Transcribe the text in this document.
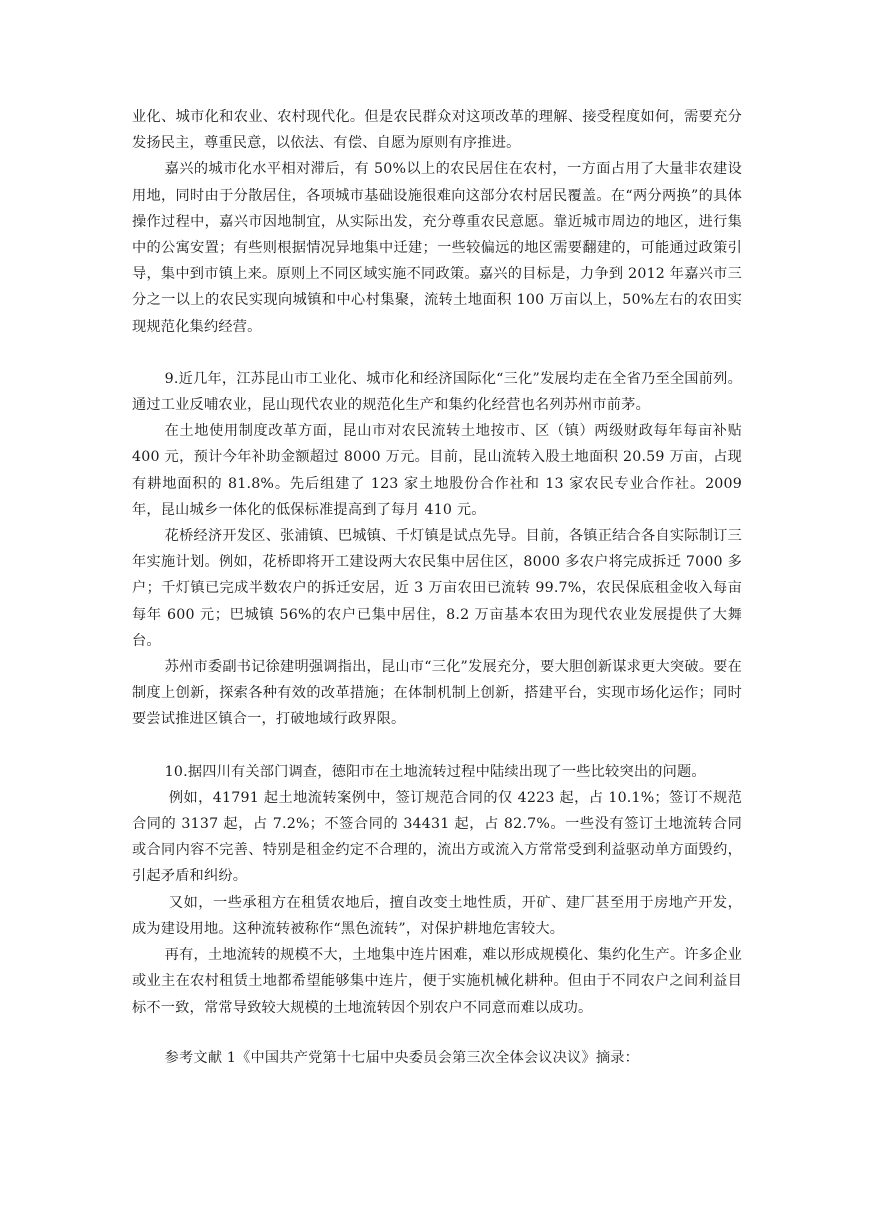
业化、城市化和农业、农村现代化。但是农民群众对这项改革的理解、接受程度如何，需要充分发扬民主，尊重民意，以依法、有偿、自愿为原则有序推进。

嘉兴的城市化水平相对滞后，有 50%以上的农民居住在农村，一方面占用了大量非农建设用地，同时由于分散居住，各项城市基础设施很难向这部分农村居民覆盖。在“两分两换”的具体操作过程中，嘉兴市因地制宜，从实际出发，充分尊重农民意愿。靠近城市周边的地区，进行集中的公寓安置；有些则根据情况异地集中迁建；一些较偏远的地区需要翻建的，可能通过政策引导，集中到市镇上来。原则上不同区域实施不同政策。嘉兴的目标是，力争到 2012 年嘉兴市三分之一以上的农民实现向城镇和中心村集聚，流转土地面积 100 万亩以上，50%左右的农田实现规范化集约经营。

9.近几年，江苏昆山市工业化、城市化和经济国际化“三化”发展均走在全省乃至全国前列。通过工业反哺农业，昆山现代农业的规范化生产和集约化经营也名列苏州市前茅。

在土地使用制度改革方面，昆山市对农民流转土地按市、区（镇）两级财政每年每亩补贴 400 元，预计今年补助金额超过 8000 万元。目前，昆山流转入股土地面积 20.59 万亩，占现有耕地面积的 81.8%。先后组建了 123 家土地股份合作社和 13 家农民专业合作社。2009 年，昆山城乡一体化的低保标准提高到了每月 410 元。

花桥经济开发区、张浦镇、巴城镇、千灯镇是试点先导。目前，各镇正结合各自实际制订三年实施计划。例如，花桥即将开工建设两大农民集中居住区，8000 多农户将完成拆迁 7000 多户；千灯镇已完成半数农户的拆迁安居，近 3 万亩农田已流转 99.7%，农民保底租金收入每亩每年 600 元；巴城镇 56%的农户已集中居住，8.2 万亩基本农田为现代农业发展提供了大舞台。

苏州市委副书记徐建明强调指出，昆山市“三化”发展充分，要大胆创新谋求更大突破。要在制度上创新，探索各种有效的改革措施；在体制机制上创新，搭建平台，实现市场化运作；同时要尝试推进区镇合一，打破地域行政界限。

10.据四川有关部门调查，德阳市在土地流转过程中陆续出现了一些比较突出的问题。

例如，41791 起土地流转案例中，签订规范合同的仅 4223 起，占 10.1%；签订不规范合同的 3137 起，占 7.2%；不签合同的 34431 起，占 82.7%。一些没有签订土地流转合同或合同内容不完善、特别是租金约定不合理的，流出方或流入方常常受到利益驱动单方面毁约，引起矛盾和纠纷。

又如，一些承租方在租赁农地后，擅自改变土地性质，开矿、建厂甚至用于房地产开发，成为建设用地。这种流转被称作“黑色流转”，对保护耕地危害较大。

再有，土地流转的规模不大，土地集中连片困难，难以形成规模化、集约化生产。许多企业或业主在农村租赁土地都希望能够集中连片，便于实施机械化耕种。但由于不同农户之间利益目标不一致，常常导致较大规模的土地流转因个别农户不同意而难以成功。

参考文献 1《中国共产党第十七届中央委员会第三次全体会议决议》摘录：
